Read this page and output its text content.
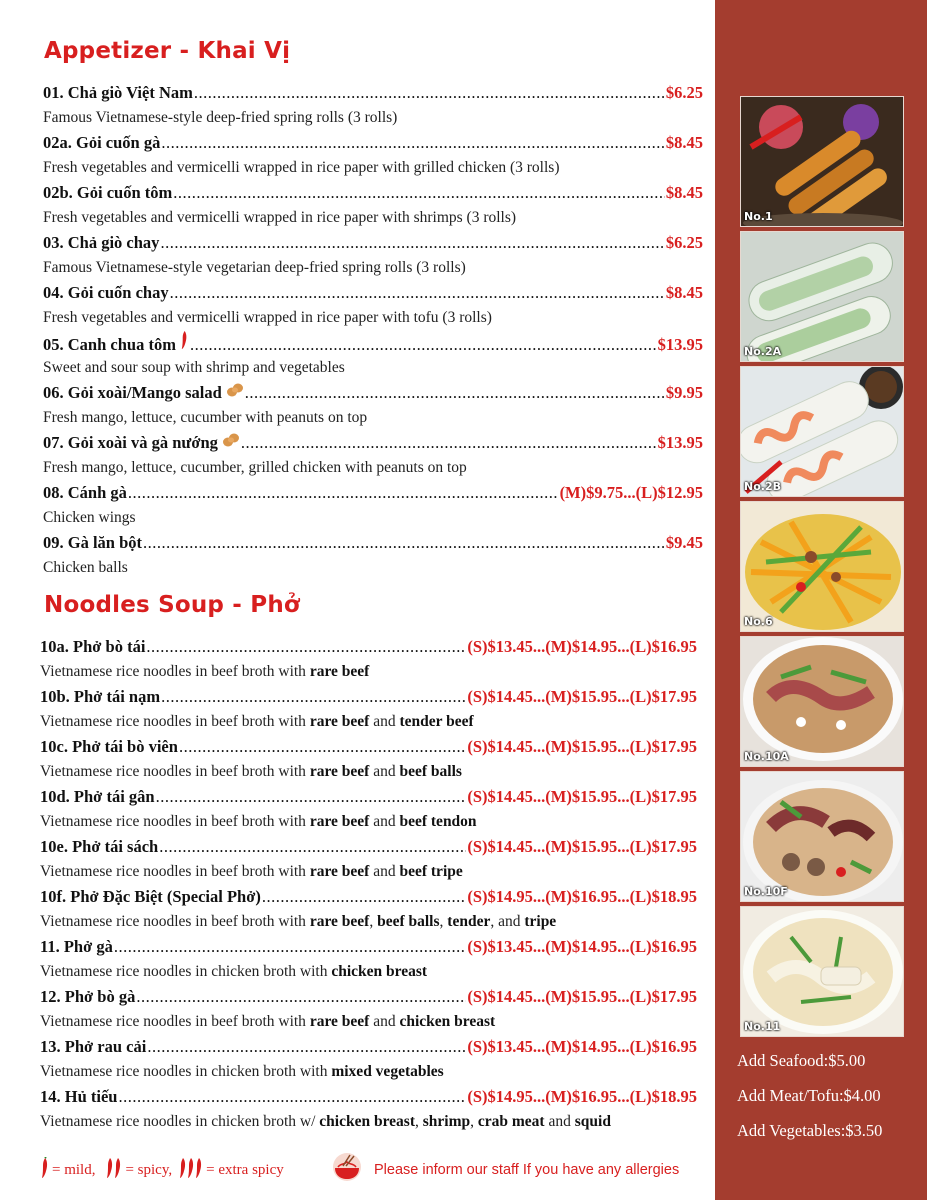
Appetizer - Khai Vị
01. Chả giò Việt Nam .....	$6.25
Famous Vietnamese-style deep-fried spring rolls (3 rolls)
02a. Gỏi cuốn gà .....	$8.45
Fresh vegetables and vermicelli wrapped in rice paper with grilled chicken (3 rolls)
02b. Gỏi cuốn tôm .....	$8.45
Fresh vegetables and vermicelli wrapped in rice paper with shrimps (3 rolls)
03. Chả giò chay .....	$6.25
Famous Vietnamese-style vegetarian deep-fried spring rolls (3 rolls)
04. Gỏi cuốn chay .....	$8.45
Fresh vegetables and vermicelli wrapped in rice paper with tofu (3 rolls)
05. Canh chua tôm .....	$13.95
Sweet and sour soup with shrimp and vegetables
06. Gỏi xoài/Mango salad .....	$9.95
Fresh mango, lettuce, cucumber with peanuts on top
07. Gỏi xoài và gà nướng .....	$13.95
Fresh mango, lettuce, cucumber, grilled chicken with peanuts on top
08. Cánh gà .....	(M)$9.75...(L)$12.95
Chicken wings
09. Gà lăn bột .....	$9.45
Chicken balls
Noodles Soup - Phở
10a. Phở bò tái .....	(S)$13.45...(M)$14.95...(L)$16.95
Vietnamese rice noodles in beef broth with rare beef
10b. Phở tái nạm .....	(S)$14.45...(M)$15.95...(L)$17.95
Vietnamese rice noodles in beef broth with rare beef and tender beef
10c. Phở tái bò viên .....	(S)$14.45...(M)$15.95...(L)$17.95
Vietnamese rice noodles in beef broth with rare beef and beef balls
10d. Phở tái gân .....	(S)$14.45...(M)$15.95...(L)$17.95
Vietnamese rice noodles in beef broth with rare beef and beef tendon
10e. Phở tái sách .....	(S)$14.45...(M)$15.95...(L)$17.95
Vietnamese rice noodles in beef broth with rare beef and beef tripe
10f. Phở Đặc Biệt (Special Phở) .....	(S)$14.95...(M)$16.95...(L)$18.95
Vietnamese rice noodles in beef broth with rare beef, beef balls, tender, and tripe
11. Phở gà .....	(S)$13.45...(M)$14.95...(L)$16.95
Vietnamese rice noodles in chicken broth with chicken breast
12. Phở bò gà .....	(S)$14.45...(M)$15.95...(L)$17.95
Vietnamese rice noodles in beef broth with rare beef and chicken breast
13. Phở rau cải .....	(S)$13.45...(M)$14.95...(L)$16.95
Vietnamese rice noodles in chicken broth with mixed vegetables
14. Hủ tiếu .....	(S)$14.95...(M)$16.95...(L)$18.95
Vietnamese rice noodles in chicken broth w/ chicken breast, shrimp, crab meat and squid
= mild, = spicy, = extra spicy	Please inform our staff If you have any allergies
No.1
No.2A
No.2B
No.6
No.10A
No.10F
No.11
Add Seafood:$5.00
Add Meat/Tofu:$4.00
Add Vegetables:$3.50
